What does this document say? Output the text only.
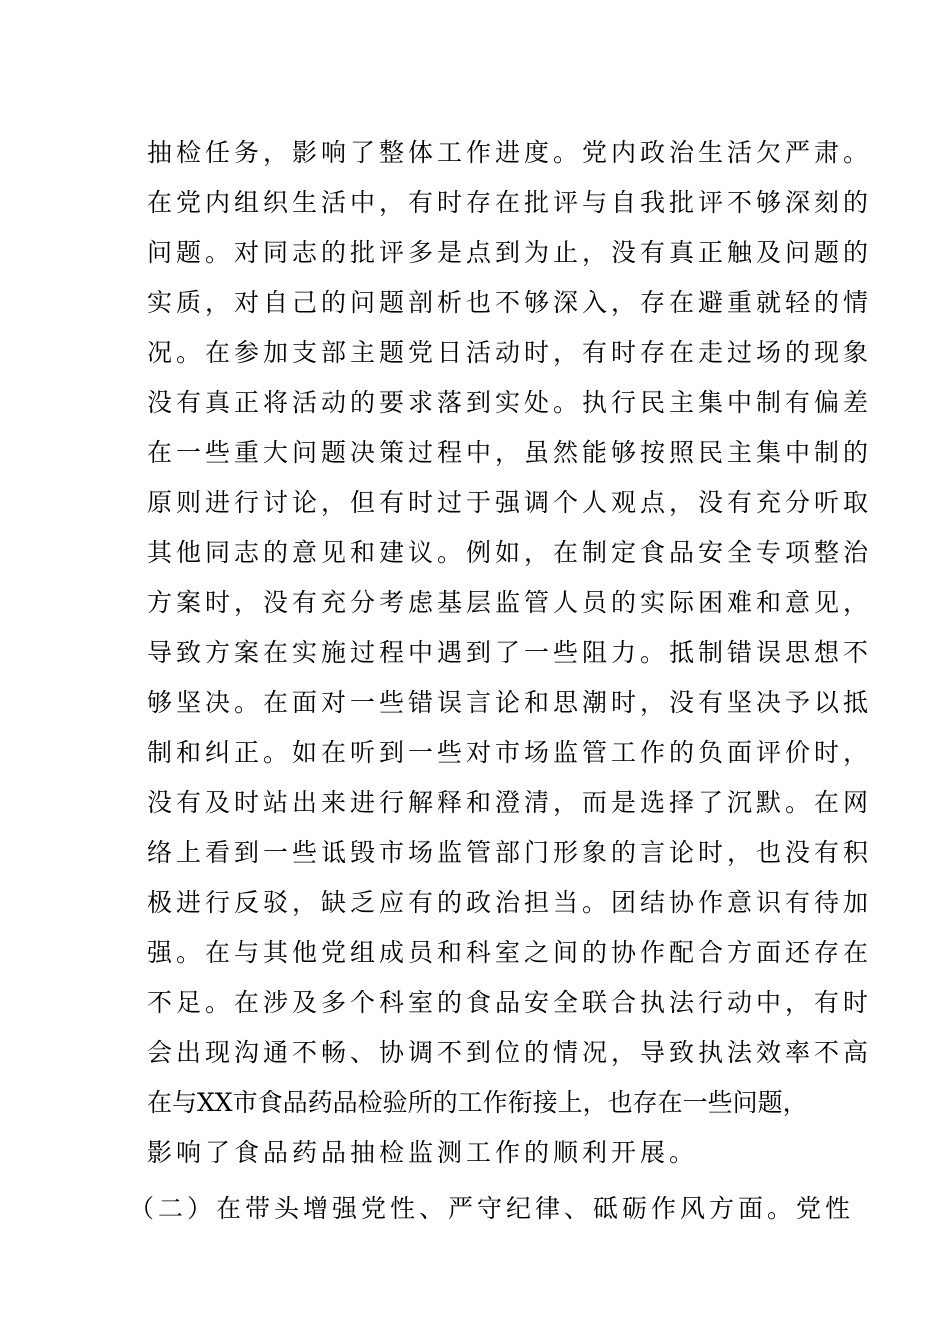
抽检任务，影响了整体工作进度。党内政治生活欠严肃。
在党内组织生活中，有时存在批评与自我批评不够深刻的
问题。对同志的批评多是点到为止，没有真正触及问题的
实质，对自己的问题剖析也不够深入，存在避重就轻的情
况。在参加支部主题党日活动时，有时存在走过场的现象
没有真正将活动的要求落到实处。执行民主集中制有偏差
在一些重大问题决策过程中，虽然能够按照民主集中制的
原则进行讨论，但有时过于强调个人观点，没有充分听取
其他同志的意见和建议。例如，在制定食品安全专项整治
方案时，没有充分考虑基层监管人员的实际困难和意见，
导致方案在实施过程中遇到了一些阻力。抵制错误思想不
够坚决。在面对一些错误言论和思潮时，没有坚决予以抵
制和纠正。如在听到一些对市场监管工作的负面评价时，
没有及时站出来进行解释和澄清，而是选择了沉默。在网
络上看到一些诋毁市场监管部门形象的言论时，也没有积
极进行反驳，缺乏应有的政治担当。团结协作意识有待加
强。在与其他党组成员和科室之间的协作配合方面还存在
不足。在涉及多个科室的食品安全联合执法行动中，有时
会出现沟通不畅、协调不到位的情况，导致执法效率不高
在与XX市食品药品检验所的工作衔接上，也存在一些问题，
影响了食品药品抽检监测工作的顺利开展。
（二）在带头增强党性、严守纪律、砥砺作风方面。党性
